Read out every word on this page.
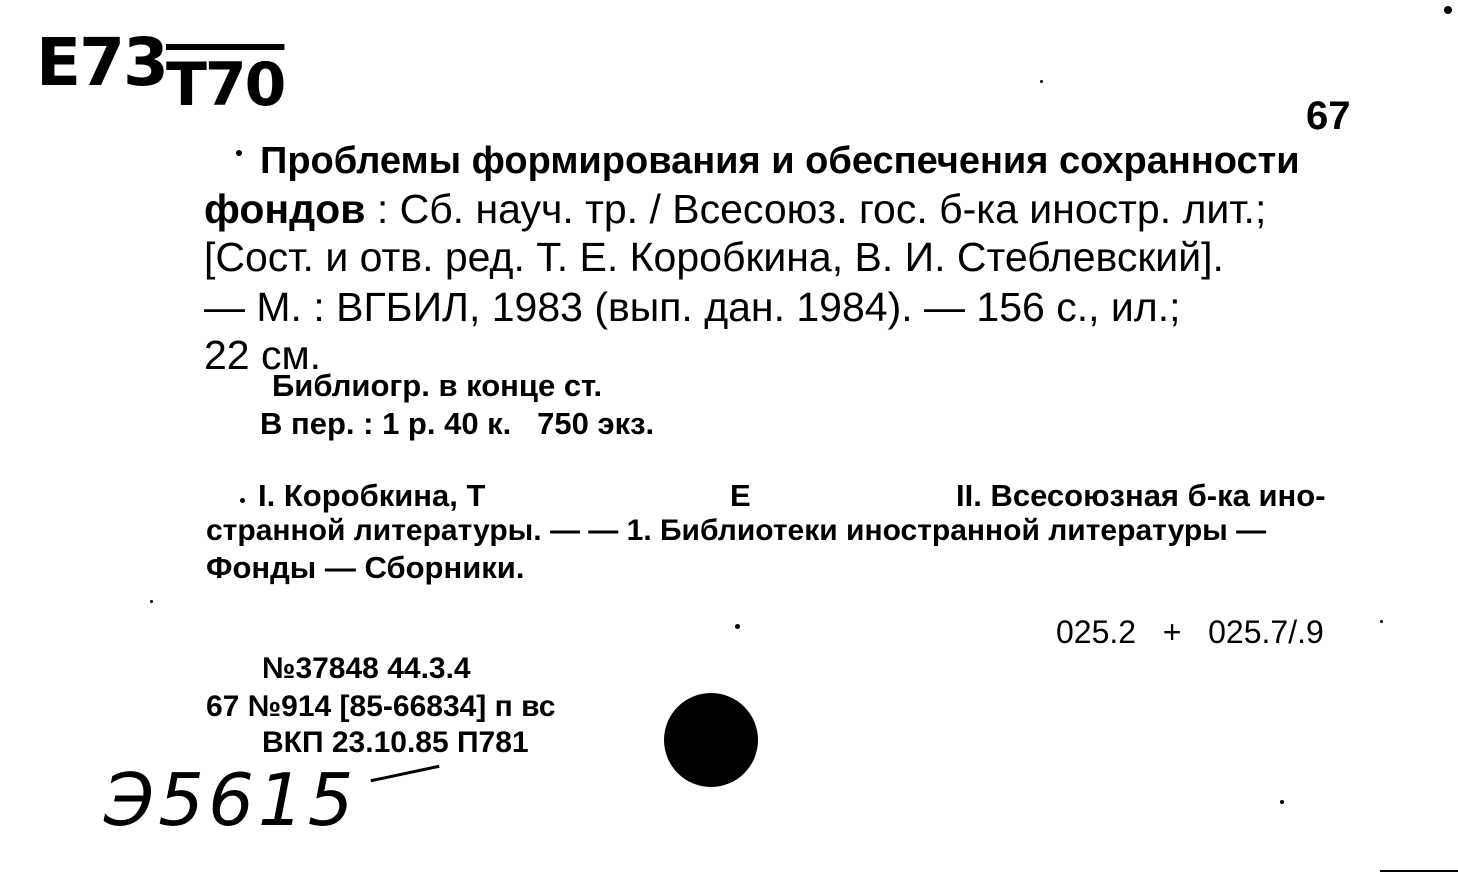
Е73 Т70	67
Проблемы формирования и обеспечения сохранности
фондов : Сб. науч. тр. / Всесоюз. гос. б-ка иностр. лит.;
[Сост. и отв. ред. Т. Е. Коробкина, В. И. Стеблевский].
— М. : ВГБИЛ, 1983 (вып. дан. 1984). — 156 с., ил.;
22 см.
Библиогр. в конце ст.
В пер. : 1 р. 40 к.   750 экз.
I. Коробкина, Т	Е	II. Всесоюзная б-ка ино-
странной литературы. — — 1. Библиотеки иностранной литературы —
Фонды — Сборники.
025.2   +   025.7/.9
№37848 44.3.4
67 №914 [85-66834] п вс
ВКП 23.10.85 П781
Э5615
